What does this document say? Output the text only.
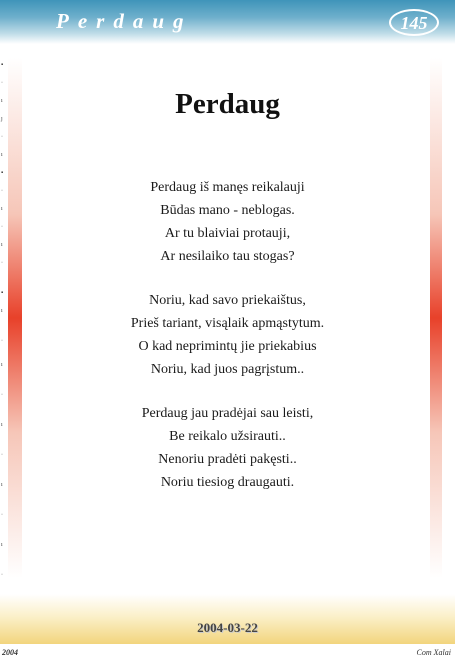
Perdaug	145
▪
·
ı
ȷ
·
ı
▪
·
ı
·
ı
·
▪
ı
·
ı
·
ı
·
ı
·
ı
·
Perdaug
Perdaug iš manęs reikalauji
Būdas mano - neblogas.
Ar tu blaiviai protauji,
Ar nesilaiko tau stogas?
Noriu, kad savo priekaištus,
Prieš tariant, visąlaik apmąstytum.
O kad neprimintų jie priekabius
Noriu, kad juos pagrįstum..
Perdaug jau pradėjai sau leisti,
Be reikalo užsirauti..
Nenoriu pradėti pakęsti..
Noriu tiesiog draugauti.
2004-03-22
2004	Com Xalai
